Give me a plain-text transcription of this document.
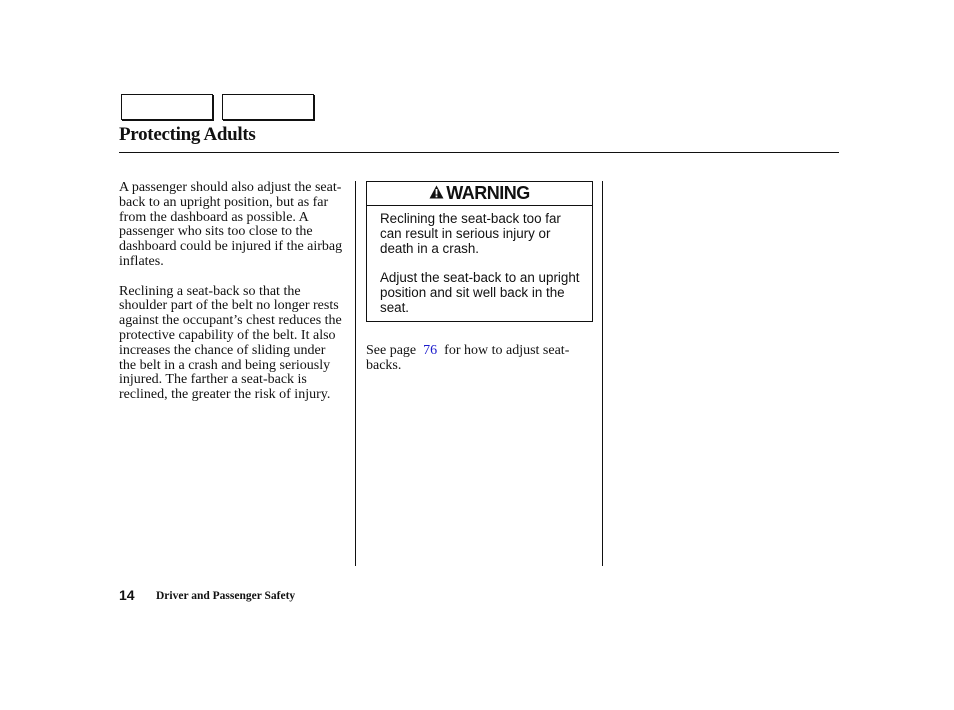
Protecting Adults

A passenger should also adjust the seat-back to an upright position, but as far from the dashboard as possible. A passenger who sits too close to the dashboard could be injured if the airbag inflates.

Reclining a seat-back so that the shoulder part of the belt no longer rests against the occupant’s chest reduces the protective capability of the belt. It also increases the chance of sliding under the belt in a crash and being seriously injured. The farther a seat-back is reclined, the greater the risk of injury.

WARNING

Reclining the seat-back too far can result in serious injury or death in a crash.

Adjust the seat-back to an upright position and sit well back in the seat.

See page 76 for how to adjust seat-backs.
14 Driver and Passenger Safety
